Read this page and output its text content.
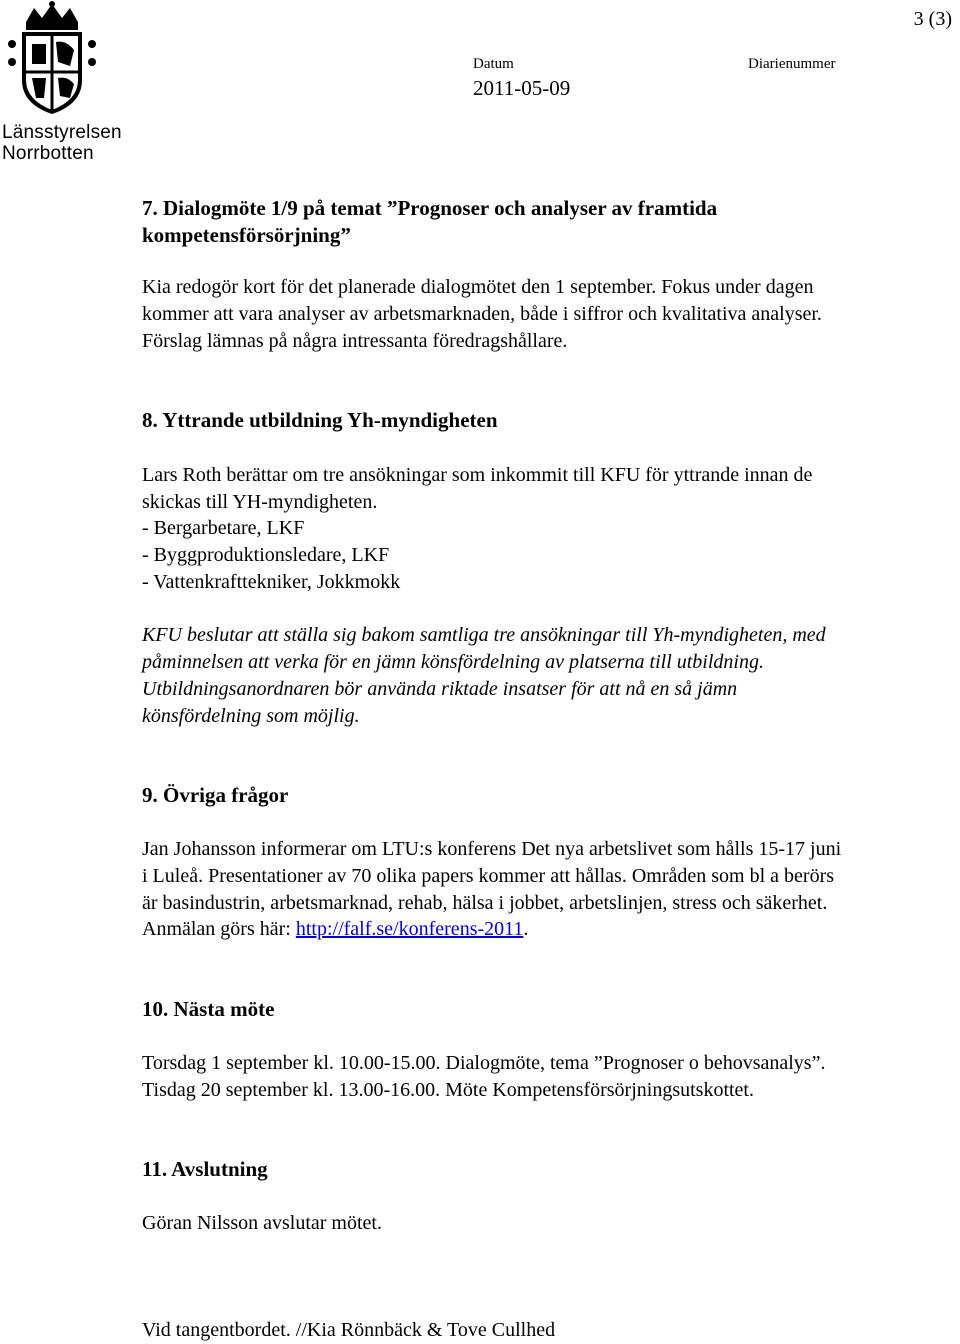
Länsstyrelsen
Norrbotten
3 (3)
Datum
2011-05-09
Diarienummer
7. Dialogmöte 1/9 på temat ”Prognoser och analyser av framtida
kompetensförsörjning”
Kia redogör kort för det planerade dialogmötet den 1 september. Fokus under dagen
kommer att vara analyser av arbetsmarknaden, både i siffror och kvalitativa analyser.
Förslag lämnas på några intressanta föredragshållare.
8. Yttrande utbildning Yh-myndigheten
Lars Roth berättar om tre ansökningar som inkommit till KFU för yttrande innan de
skickas till YH-myndigheten.
- Bergarbetare, LKF
- Byggproduktionsledare, LKF
- Vattenkrafttekniker, Jokkmokk
KFU beslutar att ställa sig bakom samtliga tre ansökningar till Yh-myndigheten, med
påminnelsen att verka för en jämn könsfördelning av platserna till utbildning.
Utbildningsanordnaren bör använda riktade insatser för att nå en så jämn
könsfördelning som möjlig.
9. Övriga frågor
Jan Johansson informerar om LTU:s konferens Det nya arbetslivet som hålls 15-17 juni
i Luleå. Presentationer av 70 olika papers kommer att hållas. Områden som bl a berörs
är basindustrin, arbetsmarknad, rehab, hälsa i jobbet, arbetslinjen, stress och säkerhet.
Anmälan görs här: http://falf.se/konferens-2011.
10. Nästa möte
Torsdag 1 september kl. 10.00-15.00. Dialogmöte, tema ”Prognoser o behovsanalys”.
Tisdag 20 september kl. 13.00-16.00. Möte Kompetensförsörjningsutskottet.
11. Avslutning
Göran Nilsson avslutar mötet.
Vid tangentbordet. //Kia Rönnbäck & Tove Cullhed
